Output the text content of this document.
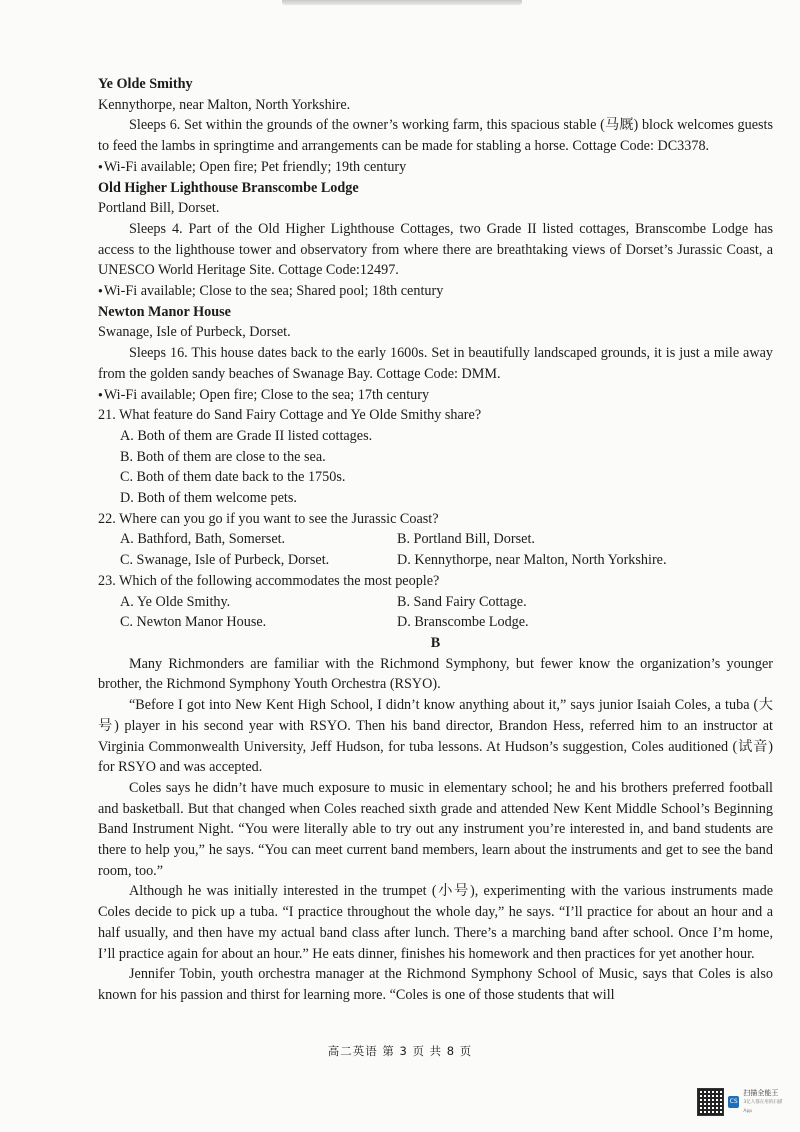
Ye Olde Smithy

Kennythorpe, near Malton, North Yorkshire.

Sleeps 6. Set within the grounds of the owner’s working farm, this spacious stable (马厩) block welcomes guests to feed the lambs in springtime and arrangements can be made for stabling a horse. Cottage Code: DC3378.

● Wi-Fi available; Open fire; Pet friendly; 19th century

Old Higher Lighthouse Branscombe Lodge

Portland Bill, Dorset.

Sleeps 4. Part of the Old Higher Lighthouse Cottages, two Grade II listed cottages, Branscombe Lodge has access to the lighthouse tower and observatory from where there are breathtaking views of Dorset’s Jurassic Coast, a UNESCO World Heritage Site. Cottage Code:12497.

● Wi-Fi available; Close to the sea; Shared pool; 18th century

Newton Manor House

Swanage, Isle of Purbeck, Dorset.

Sleeps 16. This house dates back to the early 1600s. Set in beautifully landscaped grounds, it is just a mile away from the golden sandy beaches of Swanage Bay. Cottage Code: DMM.

● Wi-Fi available; Open fire; Close to the sea; 17th century

21. What feature do Sand Fairy Cottage and Ye Olde Smithy share?

A. Both of them are Grade II listed cottages.

B. Both of them are close to the sea.

C. Both of them date back to the 1750s.

D. Both of them welcome pets.

22. Where can you go if you want to see the Jurassic Coast?

A. Bathford, Bath, Somerset.	B. Portland Bill, Dorset.
C. Swanage, Isle of Purbeck, Dorset.	D. Kennythorpe, near Malton, North Yorkshire.

23. Which of the following accommodates the most people?

A. Ye Olde Smithy.	B. Sand Fairy Cottage.
C. Newton Manor House.	D. Branscombe Lodge.

B

Many Richmonders are familiar with the Richmond Symphony, but fewer know the organization’s younger brother, the Richmond Symphony Youth Orchestra (RSYO).

“Before I got into New Kent High School, I didn’t know anything about it,” says junior Isaiah Coles, a tuba (大号) player in his second year with RSYO. Then his band director, Brandon Hess, referred him to an instructor at Virginia Commonwealth University, Jeff Hudson, for tuba lessons. At Hudson’s suggestion, Coles auditioned (试音) for RSYO and was accepted.

Coles says he didn’t have much exposure to music in elementary school; he and his brothers preferred football and basketball. But that changed when Coles reached sixth grade and attended New Kent Middle School’s Beginning Band Instrument Night. “You were literally able to try out any instrument you’re interested in, and band students are there to help you,” he says. “You can meet current band members, learn about the instruments and get to see the band room, too.”

Although he was initially interested in the trumpet (小号), experimenting with the various instruments made Coles decide to pick up a tuba. “I practice throughout the whole day,” he says. “I’ll practice for about an hour and a half usually, and then have my actual band class after lunch. There’s a marching band after school. Once I’m home, I’ll practice again for about an hour.” He eats dinner, finishes his homework and then practices for yet another hour.

Jennifer Tobin, youth orchestra manager at the Richmond Symphony School of Music, says that Coles is also known for his passion and thirst for learning more. “Coles is one of those students that will

高二英语 第 3 页 共 8 页
CS
扫描全能王
3亿人都在用的扫描App
